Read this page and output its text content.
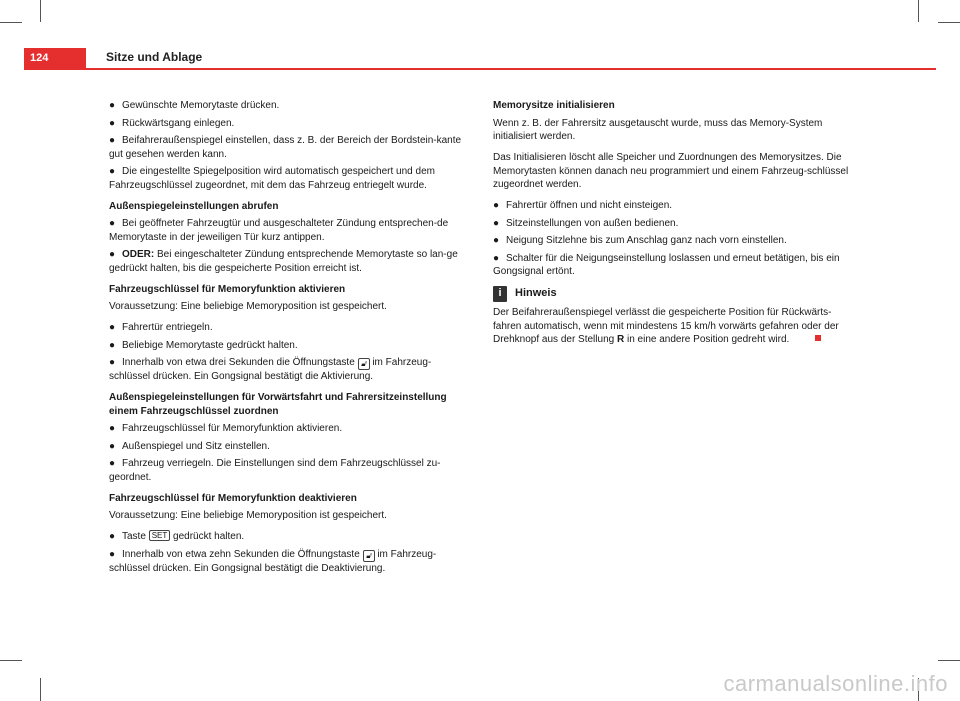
124	Sitze und Ablage
● Gewünschte Memorytaste drücken.
● Rückwärtsgang einlegen.
● Beifahreraußenspiegel einstellen, dass z. B. der Bereich der Bordstein-kante gut gesehen werden kann.
● Die eingestellte Spiegelposition wird automatisch gespeichert und dem Fahrzeugschlüssel zugeordnet, mit dem das Fahrzeug entriegelt wurde.
Außenspiegeleinstellungen abrufen
● Bei geöffneter Fahrzeugtür und ausgeschalteter Zündung entsprechen-de Memorytaste in der jeweiligen Tür kurz antippen.
● ODER: Bei eingeschalteter Zündung entsprechende Memorytaste so lan-ge gedrückt halten, bis die gespeicherte Position erreicht ist.
Fahrzeugschlüssel für Memoryfunktion aktivieren
Voraussetzung: Eine beliebige Memoryposition ist gespeichert.
● Fahrertür entriegeln.
● Beliebige Memorytaste gedrückt halten.
● Innerhalb von etwa drei Sekunden die Öffnungstaste 🔓︎ im Fahrzeug-schlüssel drücken. Ein Gongsignal bestätigt die Aktivierung.
Außenspiegeleinstellungen für Vorwärtsfahrt und Fahrersitzeinstellung einem Fahrzeugschlüssel zuordnen
● Fahrzeugschlüssel für Memoryfunktion aktivieren.
● Außenspiegel und Sitz einstellen.
● Fahrzeug verriegeln. Die Einstellungen sind dem Fahrzeugschlüssel zu-geordnet.
Fahrzeugschlüssel für Memoryfunktion deaktivieren
Voraussetzung: Eine beliebige Memoryposition ist gespeichert.
● Taste SET gedrückt halten.
● Innerhalb von etwa zehn Sekunden die Öffnungstaste 🔓︎ im Fahrzeug-schlüssel drücken. Ein Gongsignal bestätigt die Deaktivierung.
Memorysitze initialisieren
Wenn z. B. der Fahrersitz ausgetauscht wurde, muss das Memory-System initialisiert werden.
Das Initialisieren löscht alle Speicher und Zuordnungen des Memorysitzes. Die Memorytasten können danach neu programmiert und einem Fahrzeug-schlüssel zugeordnet werden.
● Fahrertür öffnen und nicht einsteigen.
● Sitzeinstellungen von außen bedienen.
● Neigung Sitzlehne bis zum Anschlag ganz nach vorn einstellen.
● Schalter für die Neigungseinstellung loslassen und erneut betätigen, bis ein Gongsignal ertönt.
i	Hinweis
Der Beifahreraußenspiegel verlässt die gespeicherte Position für Rückwärts-fahren automatisch, wenn mit mindestens 15 km/h vorwärts gefahren oder der Drehknopf aus der Stellung R in eine andere Position gedreht wird.
carmanualsonline.info
